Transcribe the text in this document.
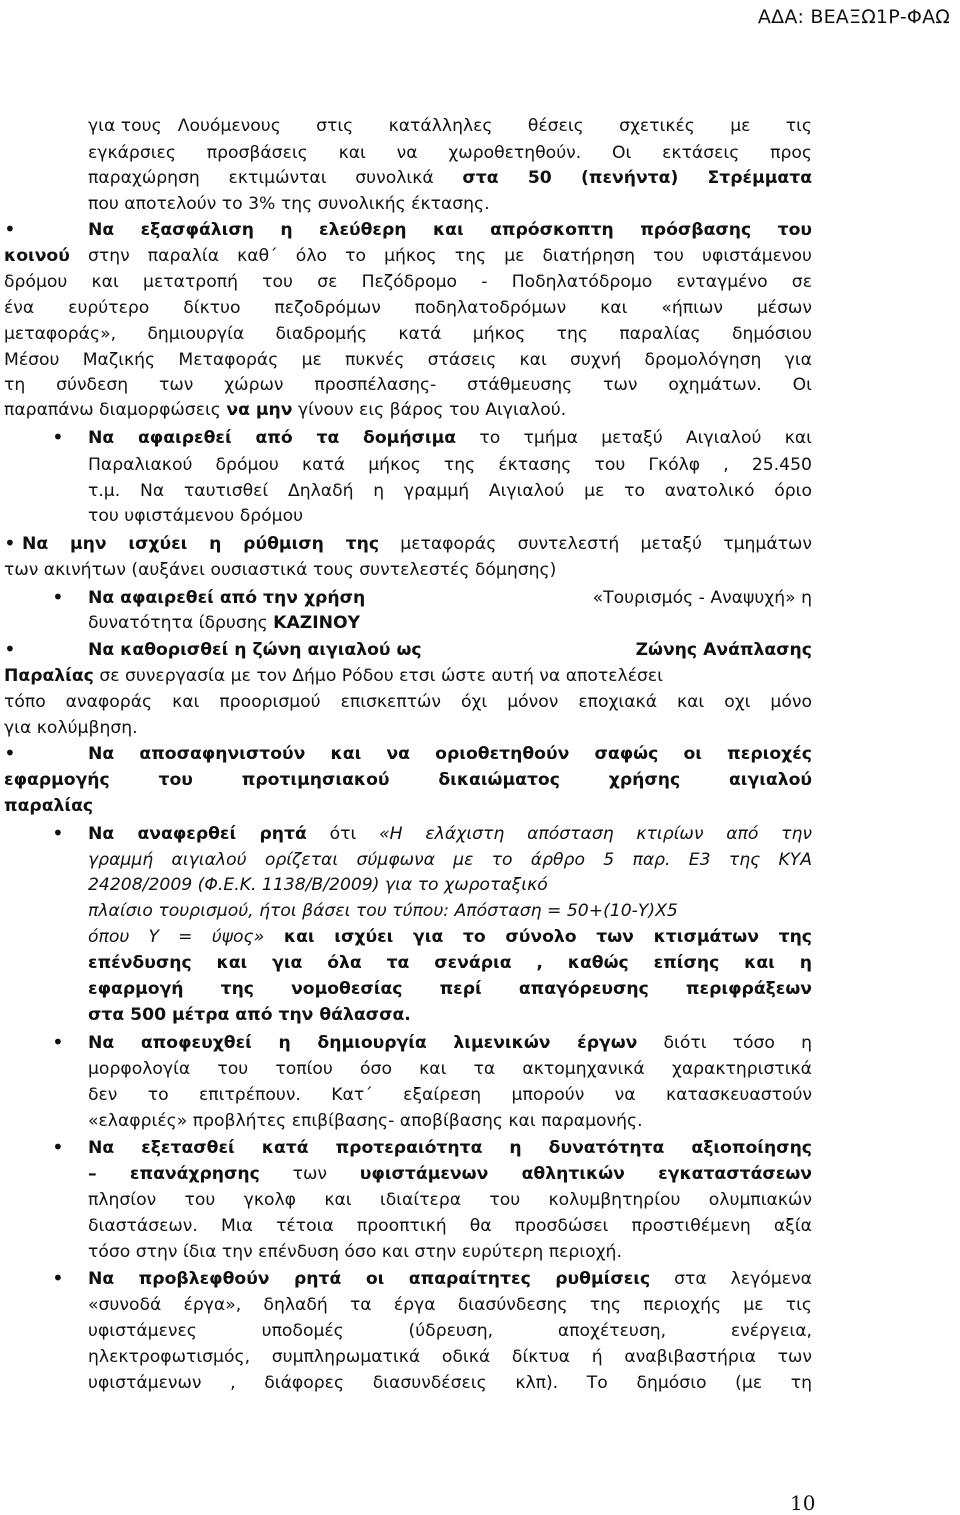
ΑΔΑ: ΒΕΑΞΩ1Ρ-ΦΑΩ
για τους Λουόμενους στις κατάλληλες θέσεις σχετικές με τις
εγκάρσιες προσβάσεις και να χωροθετηθούν. Οι εκτάσεις προς
παραχώρηση εκτιμώνται συνολικά στα 50 (πενήντα) Στρέμματα
που αποτελούν το 3% της συνολικής έκτασης.
•	Να εξασφάλιση η ελεύθερη και απρόσκοπτη πρόσβασης του
κοινού στην παραλία καθ΄ όλο το μήκος της με διατήρηση του υφιστάμενου
δρόμου και μετατροπή του σε Πεζόδρομο - Ποδηλατόδρομο ενταγμένο σε
ένα ευρύτερο δίκτυο πεζοδρόμων ποδηλατοδρόμων και «ήπιων μέσων
μεταφοράς», δημιουργία διαδρομής κατά μήκος της παραλίας δημόσιου
Μέσου Μαζικής Μεταφοράς με πυκνές στάσεις και συχνή δρομολόγηση για
τη σύνδεση των χώρων προσπέλασης- στάθμευσης των οχημάτων. Οι
παραπάνω διαμορφώσεις να μην γίνουν εις βάρος του Αιγιαλού.
• Να αφαιρεθεί από τα δομήσιμα το τμήμα μεταξύ Αιγιαλού και
Παραλιακού δρόμου κατά μήκος της έκτασης του Γκόλφ , 25.450
τ.μ. Να ταυτισθεί Δηλαδή η γραμμή Αιγιαλού με το ανατολικό όριο
του υφιστάμενου δρόμου
• Να μην ισχύει η ρύθμιση της μεταφοράς συντελεστή μεταξύ τμημάτων
των ακινήτων (αυξάνει ουσιαστικά τους συντελεστές δόμησης)
• Να αφαιρεθεί από την χρήση	«Τουρισμός - Αναψυχή» η
δυνατότητα ίδρυσης ΚΑΖΙΝΟΥ
•	Να καθορισθεί η ζώνη αιγιαλού ως	Ζώνης Ανάπλασης
Παραλίας σε συνεργασία με τον Δήμο Ρόδου ετσι ώστε αυτή να αποτελέσει
τόπο αναφοράς και προορισμού επισκεπτών όχι μόνον εποχιακά και οχι μόνο
για κολύμβηση.
•	Να αποσαφηνιστούν και να οριοθετηθούν σαφώς οι περιοχές
εφαρμογής	του	προτιμησιακού	δικαιώματος	χρήσης	αιγιαλού
παραλίας
• Να αναφερθεί ρητά ότι «Η ελάχιστη απόσταση κτιρίων από την
γραμμή αιγιαλού ορίζεται σύμφωνα με το άρθρο 5 παρ. Ε3 της ΚΥΑ
24208/2009 (Φ.Ε.Κ. 1138/Β/2009) για το χωροταξικό
πλαίσιο τουρισμού, ήτοι βάσει του τύπου: Απόσταση = 50+(10-Υ)Χ5
όπου Υ = ύψος» και ισχύει για το σύνολο των κτισμάτων της
επένδυσης και για όλα τα σενάρια , καθώς επίσης και η
εφαρμογή της νομοθεσίας περί απαγόρευσης περιφράξεων
στα 500 μέτρα από την θάλασσα.
• Να αποφευχθεί η δημιουργία λιμενικών έργων διότι τόσο η
μορφολογία του τοπίου όσο και τα ακτομηχανικά χαρακτηριστικά
δεν το επιτρέπουν. Κατ΄ εξαίρεση μπορούν να κατασκευαστούν
«ελαφριές» προβλήτες επιβίβασης- αποβίβασης και παραμονής.
• Να εξετασθεί κατά προτεραιότητα η δυνατότητα αξιοποίησης
– επανάχρησης των υφιστάμενων αθλητικών εγκαταστάσεων
πλησίον του γκολφ και ιδιαίτερα του κολυμβητηρίου ολυμπιακών
διαστάσεων. Μια τέτοια προοπτική θα προσδώσει προστιθέμενη αξία
τόσο στην ίδια την επένδυση όσο και στην ευρύτερη περιοχή.
• Να προβλεφθούν ρητά οι απαραίτητες ρυθμίσεις στα λεγόμενα
«συνοδά έργα», δηλαδή τα έργα διασύνδεσης της περιοχής με τις
υφιστάμενες υποδομές (ύδρευση, αποχέτευση, ενέργεια,
ηλεκτροφωτισμός, συμπληρωματικά οδικά δίκτυα ή αναβιβαστήρια των
υφιστάμενων , διάφορες διασυνδέσεις κλπ). Το δημόσιο (με τη
10
